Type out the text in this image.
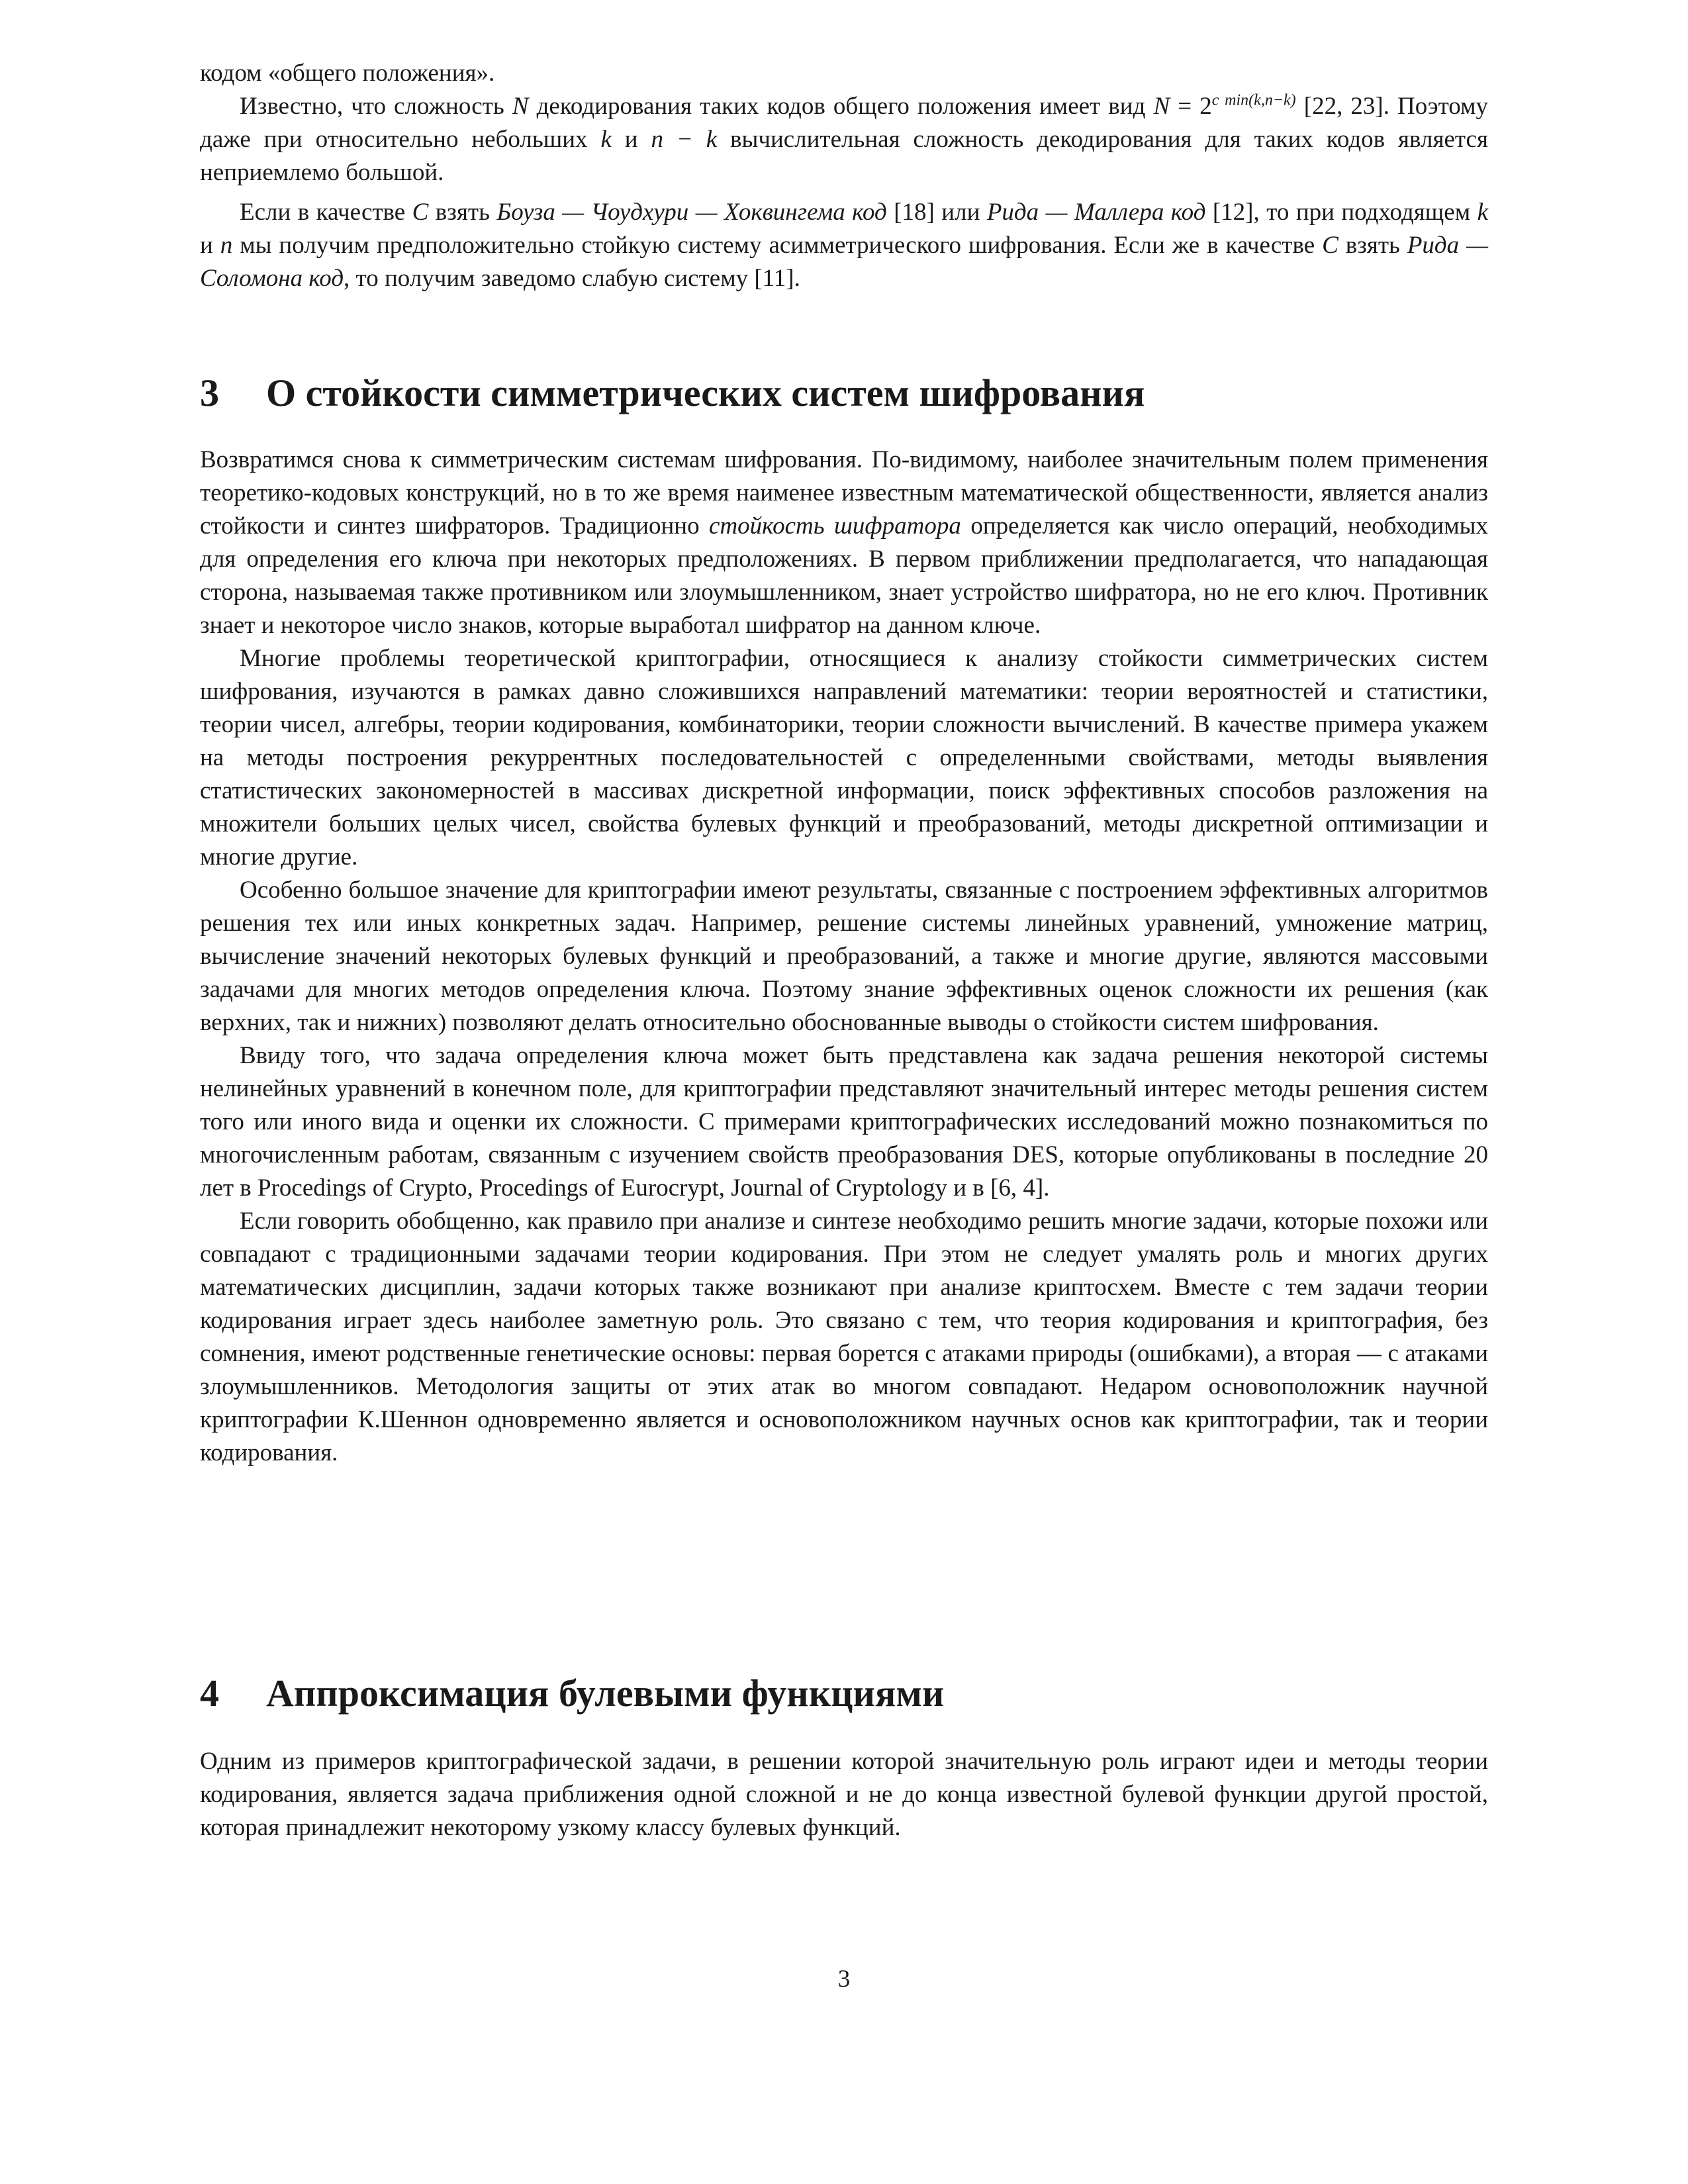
кодом «общего положения».

Известно, что сложность N декодирования таких кодов общего положения имеет вид $N = 2^{c min(k,n-k)}$ [22, 23]. Поэтому даже при относительно небольших k и n − k вычислительная сложность декодирования для таких кодов является неприемлемо большой.

Если в качестве C взять Боуза — Чоудхури — Хоквингема код [18] или Рида — Маллера код [12], то при подходящем k и n мы получим предположительно стойкую систему асимметрического шифрования. Если же в качестве C взять Рида — Соломона код, то получим заведомо слабую систему [11].

3 О стойкости симметрических систем шифрования

Возвратимся снова к симметрическим системам шифрования. По-видимому, наиболее значительным полем применения теоретико-кодовых конструкций, но в то же время наименее известным математической общественности, является анализ стойкости и синтез шифраторов. Традиционно стойкость шифратора определяется как число операций, необходимых для определения его ключа при некоторых предположениях. В первом приближении предполагается, что нападающая сторона, называемая также противником или злоумышленником, знает устройство шифратора, но не его ключ. Противник знает и некоторое число знаков, которые выработал шифратор на данном ключе.

Многие проблемы теоретической криптографии, относящиеся к анализу стойкости симметрических систем шифрования, изучаются в рамках давно сложившихся направлений математики: теории вероятностей и статистики, теории чисел, алгебры, теории кодирования, комбинаторики, теории сложности вычислений. В качестве примера укажем на методы построения рекуррентных последовательностей с определенными свойствами, методы выявления статистических закономерностей в массивах дискретной информации, поиск эффективных способов разложения на множители больших целых чисел, свойства булевых функций и преобразований, методы дискретной оптимизации и многие другие.

Особенно большое значение для криптографии имеют результаты, связанные с построением эффективных алгоритмов решения тех или иных конкретных задач. Например, решение системы линейных уравнений, умножение матриц, вычисление значений некоторых булевых функций и преобразований, а также и многие другие, являются массовыми задачами для многих методов определения ключа. Поэтому знание эффективных оценок сложности их решения (как верхних, так и нижних) позволяют делать относительно обоснованные выводы о стойкости систем шифрования.

Ввиду того, что задача определения ключа может быть представлена как задача решения некоторой системы нелинейных уравнений в конечном поле, для криптографии представляют значительный интерес методы решения систем того или иного вида и оценки их сложности. С примерами криптографических исследований можно познакомиться по многочисленным работам, связанным с изучением свойств преобразования DES, которые опубликованы в последние 20 лет в Procedings of Crypto, Procedings of Eurocrypt, Journal of Cryptology и в [6, 4].

Если говорить обобщенно, как правило при анализе и синтезе необходимо решить многие задачи, которые похожи или совпадают с традиционными задачами теории кодирования. При этом не следует умалять роль и многих других математических дисциплин, задачи которых также возникают при анализе криптосхем. Вместе с тем задачи теории кодирования играет здесь наиболее заметную роль. Это связано с тем, что теория кодирования и криптография, без сомнения, имеют родственные генетические основы: первая борется с атаками природы (ошибками), а вторая — с атаками злоумышленников. Методология защиты от этих атак во многом совпадают. Недаром основоположник научной криптографии К.Шеннон одновременно является и основоположником научных основ как криптографии, так и теории кодирования.

4 Аппроксимация булевыми функциями

Одним из примеров криптографической задачи, в решении которой значительную роль играют идеи и методы теории кодирования, является задача приближения одной сложной и не до конца известной булевой функции другой простой, которая принадлежит некоторому узкому классу булевых функций.

3
